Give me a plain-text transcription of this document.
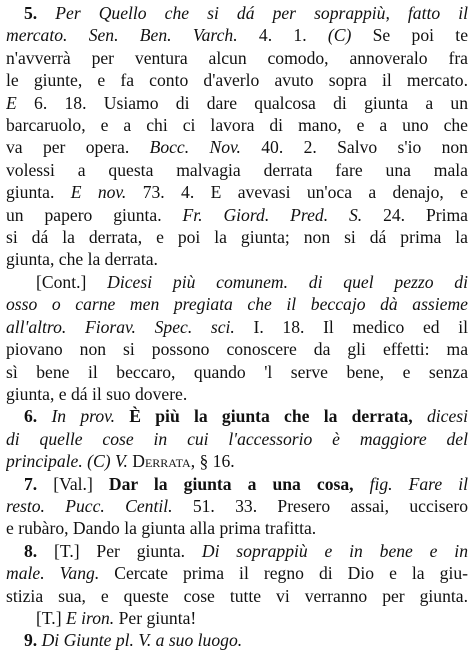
5. Per Quello che si dá per soprappiù, fatto il
mercato. Sen. Ben. Varch. 4. 1. (C) Se poi te
n'avverrà per ventura alcun comodo, annoveralo fra
le giunte, e fa conto d'averlo avuto sopra il mercato.
E 6. 18. Usiamo di dare qualcosa di giunta a un
barcaruolo, e a chi ci lavora di mano, e a uno che
va per opera. Bocc. Nov. 40. 2. Salvo s'io non
volessi a questa malvagia derrata fare una mala
giunta. E nov. 73. 4. E avevasi un'oca a denajo, e
un papero giunta. Fr. Giord. Pred. S. 24. Prima
si dá la derrata, e poi la giunta; non si dá prima la
giunta, che la derrata.
[Cont.] Dicesi più comunem. di quel pezzo di
osso o carne men pregiata che il beccajo dà assieme
all'altro. Fiorav. Spec. sci. I. 18. Il medico ed il
piovano non si possono conoscere da gli effetti: ma
sì bene il beccaro, quando 'l serve bene, e senza
giunta, e dá il suo dovere.
6. In prov. È più la giunta che la derrata, dicesi
di quelle cose in cui l'accessorio è maggiore del
principale. (C) V. Derrata, § 16.
7. [Val.] Dar la giunta a una cosa, fig. Fare il
resto. Pucc. Centil. 51. 33. Presero assai, uccisero
e rubàro, Dando la giunta alla prima trafitta.
8. [T.] Per giunta. Di soprappiù e in bene e in
male. Vang. Cercate prima il regno di Dio e la giu-
stizia sua, e queste cose tutte vi verranno per giunta.
[T.] E iron. Per giunta!
9. Di Giunte pl. V. a suo luogo.
